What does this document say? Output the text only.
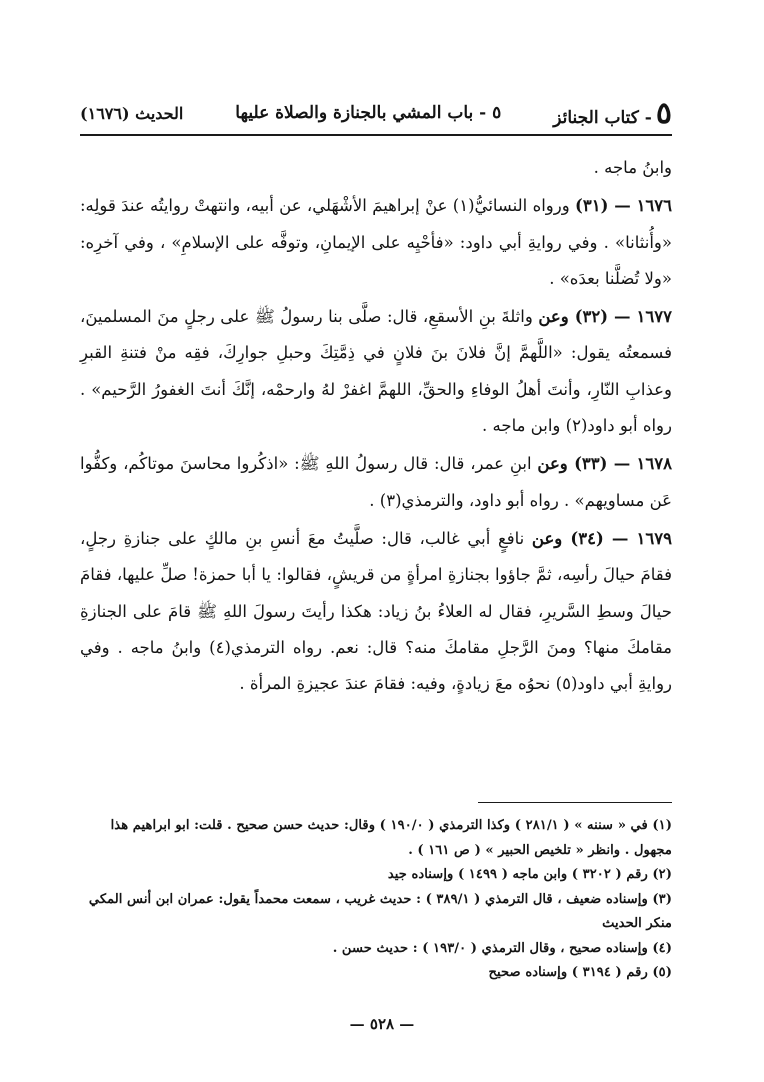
٥
- كتاب الجنائز
٥ - باب المشي بالجنازة والصلاة عليها
الحديث (١٦٧٦)

وابنُ ماجه .

١٦٧٦ — (٣١) ورواه النسائيُّ(١) عنْ إبراهيمَ الأشْهَلي، عن أبيه، وانتهتْ روايتُه عندَ قولِه: «وأُنثانا» . وفي روايةِ أبي داود: «فأحْيِه على الإيمانِ، وتوفَّه على الإسلامِ» ، وفي آخرِه: «ولا تُضلَّنا بعدَه» .

١٦٧٧ — (٣٢) وعن واثلةَ بنِ الأسقعِ، قال: صلَّى بنا رسولُ ﷺ على رجلٍ منَ المسلمينَ، فسمعتُه يقول: «اللَّهمَّ إنَّ فلانَ بنَ فلانٍ في ذِمَّتِكَ وحبلِ جوارِكَ، فقِه منْ فتنةِ القبرِ وعذابِ النّارِ، وأنتَ أهلُ الوفاءِ والحقِّ، اللهمَّ اغفرْ لهُ وارحمْه، إنَّكَ أنتَ الغفورُ الرَّحيم» . رواه أبو داود(٢) وابن ماجه .

١٦٧٨ — (٣٣) وعن ابنِ عمر، قال: قال رسولُ اللهِ ﷺ: «اذكُروا محاسنَ موتاكُم، وكفُّوا عَن مساويهم» . رواه أبو داود، والترمذي(٣) .

١٦٧٩ — (٣٤) وعن نافعٍ أبي غالب، قال: صلَّيتُ معَ أنسِ بنِ مالكٍ على جنازةِ رجلٍ، فقامَ حيالَ رأسِه، ثمَّ جاؤوا بجنازةِ امرأةٍ من قريشٍ، فقالوا: يا أبا حمزة! صلِّ عليها، فقامَ حيالَ وسطِ السَّريرِ، فقال له العلاءُ بنُ زياد: هكذا رأيتَ رسولَ اللهِ ﷺ قامَ على الجنازةِ مقامكَ منها؟ ومنَ الرَّجلِ مقامكَ منه؟ قال: نعم. رواه الترمذي(٤) وابنُ ماجه . وفي روايةِ أبي داود(٥) نحوُه معَ زيادةٍ، وفيه: فقامَ عندَ عجيزةِ المرأة .

(١) في « سننه » ( ٢٨١/١ ) وكذا الترمذي ( ١٩٠/٠ ) وقال: حديث حسن صحيح . قلت: ابو ابراهيم هذا مجهول . وانظر « تلخيص الحبير » ( ص ١٦١ ) .

(٢) رقم ( ٣٢٠٢ ) وابن ماجه ( ١٤٩٩ ) وإسناده جيد

(٣) وإسناده ضعيف ، قال الترمذي ( ٣٨٩/١ ) : حديث غريب ، سمعت محمداً يقول: عمران ابن أنس المكي منكر الحديث

(٤) وإسناده صحيح ، وقال الترمذي ( ١٩٣/٠ ) : حديث حسن .

(٥) رقم ( ٣١٩٤ ) وإسناده صحيح

— ٥٢٨ —
